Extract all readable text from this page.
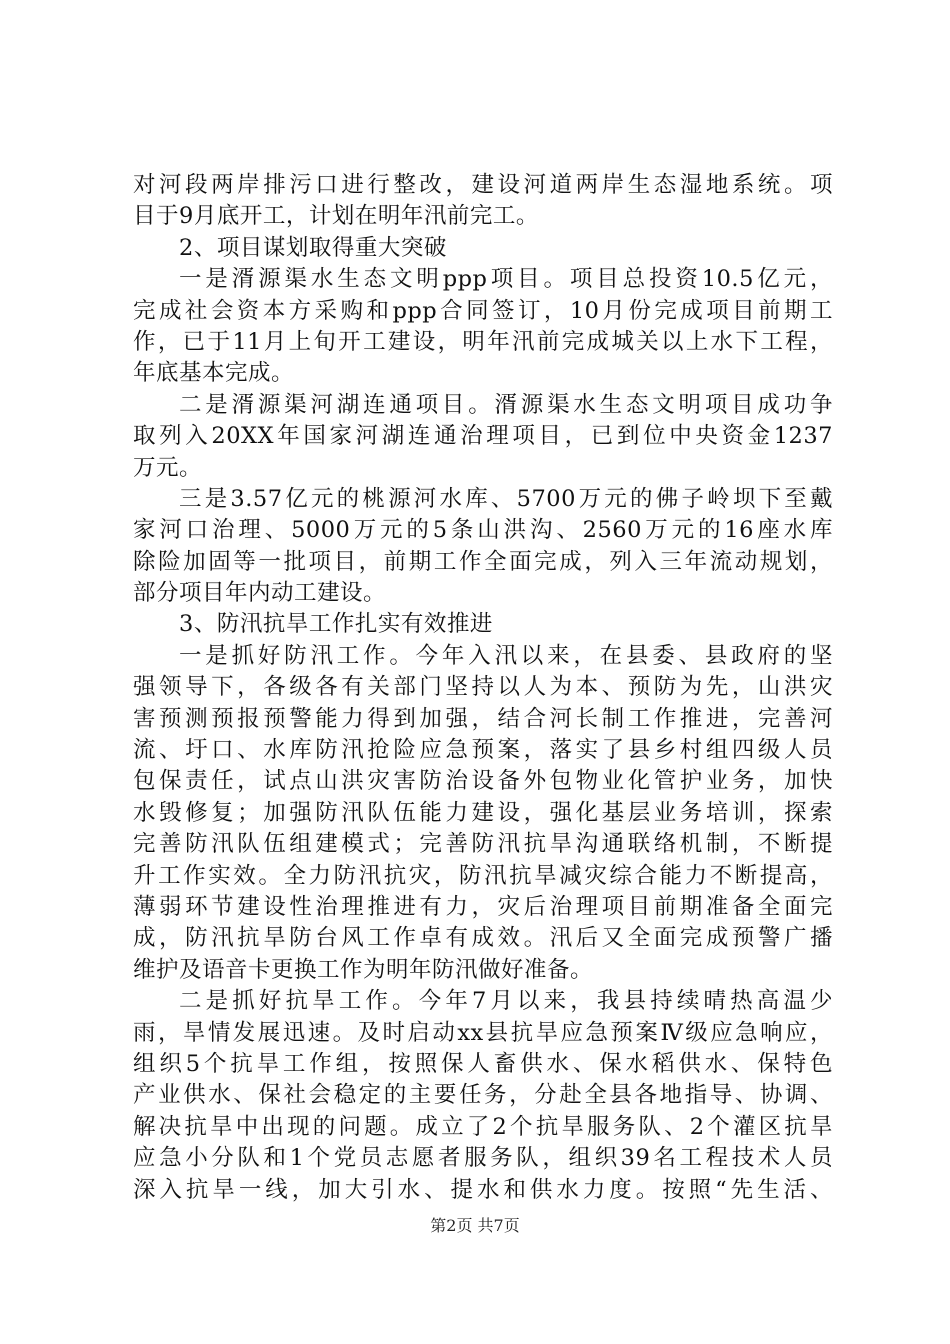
对河段两岸排污口进行整改，建设河道两岸生态湿地系统。项
目于9月底开工，计划在明年汛前完工。
2、项目谋划取得重大突破
一是湑源渠水生态文明ppp项目。项目总投资10.5亿元，
完成社会资本方采购和ppp合同签订，10月份完成项目前期工
作，已于11月上旬开工建设，明年汛前完成城关以上水下工程，
年底基本完成。
二是湑源渠河湖连通项目。湑源渠水生态文明项目成功争
取列入20XX年国家河湖连通治理项目，已到位中央资金1237
万元。
三是3.57亿元的桃源河水库、5700万元的佛子岭坝下至戴
家河口治理、5000万元的5条山洪沟、2560万元的16座水库
除险加固等一批项目，前期工作全面完成，列入三年流动规划，
部分项目年内动工建设。
3、防汛抗旱工作扎实有效推进
一是抓好防汛工作。今年入汛以来，在县委、县政府的坚
强领导下，各级各有关部门坚持以人为本、预防为先，山洪灾
害预测预报预警能力得到加强，结合河长制工作推进，完善河
流、圩口、水库防汛抢险应急预案，落实了县乡村组四级人员
包保责任，试点山洪灾害防治设备外包物业化管护业务，加快
水毁修复；加强防汛队伍能力建设，强化基层业务培训，探索
完善防汛队伍组建模式；完善防汛抗旱沟通联络机制，不断提
升工作实效。全力防汛抗灾，防汛抗旱减灾综合能力不断提高，
薄弱环节建设性治理推进有力，灾后治理项目前期准备全面完
成，防汛抗旱防台风工作卓有成效。汛后又全面完成预警广播
维护及语音卡更换工作为明年防汛做好准备。
二是抓好抗旱工作。今年7月以来，我县持续晴热高温少
雨，旱情发展迅速。及时启动xx县抗旱应急预案Ⅳ级应急响应，
组织5个抗旱工作组，按照保人畜供水、保水稻供水、保特色
产业供水、保社会稳定的主要任务，分赴全县各地指导、协调、
解决抗旱中出现的问题。成立了2个抗旱服务队、2个灌区抗旱
应急小分队和1个党员志愿者服务队，组织39名工程技术人员
深入抗旱一线，加大引水、提水和供水力度。按照“先生活、
第2页 共7页
